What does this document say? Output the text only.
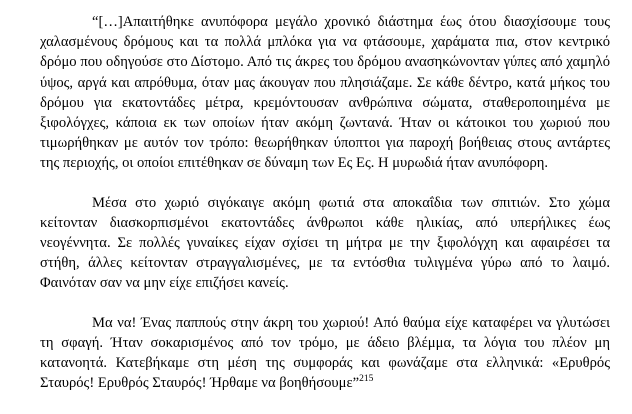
“[…]Απαιτήθηκε ανυπόφορα μεγάλο χρονικό διάστημα έως ότου διασχίσουμε τους χαλασμένους δρόμους και τα πολλά μπλόκα για να φτάσουμε, χαράματα πια, στον κεντρικό δρόμο που οδηγούσε στο Δίστομο. Από τις άκρες του δρόμου ανασηκώνονταν γύπες από χαμηλό ύψος, αργά και απρόθυμα, όταν μας άκουγαν που πλησιάζαμε. Σε κάθε δέντρο, κατά μήκος του δρόμου για εκατοντάδες μέτρα, κρεμόντουσαν ανθρώπινα σώματα, σταθεροποιημένα με ξιφολόγχες, κάποια εκ των οποίων ήταν ακόμη ζωντανά. Ήταν οι κάτοικοι του χωριού που τιμωρήθηκαν με αυτόν τον τρόπο: θεωρήθηκαν ύποπτοι για παροχή βοήθειας στους αντάρτες της περιοχής, οι οποίοι επιτέθηκαν σε δύναμη των Ες Ες. Η μυρωδιά ήταν ανυπόφορη.

Μέσα στο χωριό σιγόκαιγε ακόμη φωτιά στα αποκαΐδια των σπιτιών. Στο χώμα κείτονταν διασκορπισμένοι εκατοντάδες άνθρωποι κάθε ηλικίας, από υπερήλικες έως νεογέννητα. Σε πολλές γυναίκες είχαν σχίσει τη μήτρα με την ξιφολόγχη και αφαιρέσει τα στήθη, άλλες κείτονταν στραγγαλισμένες, με τα εντόσθια τυλιγμένα γύρω από το λαιμό. Φαινόταν σαν να μην είχε επιζήσει κανείς.

Μα να! Ένας παππούς στην άκρη του χωριού! Από θαύμα είχε καταφέρει να γλυτώσει τη σφαγή. Ήταν σοκαρισμένος από τον τρόμο, με άδειο βλέμμα, τα λόγια του πλέον μη κατανοητά. Κατεβήκαμε στη μέση της συμφοράς και φωνάζαμε στα ελληνικά: «Ερυθρός Σταυρός! Ερυθρός Σταυρός! Ήρθαμε να βοηθήσουμε”$^{215}$
